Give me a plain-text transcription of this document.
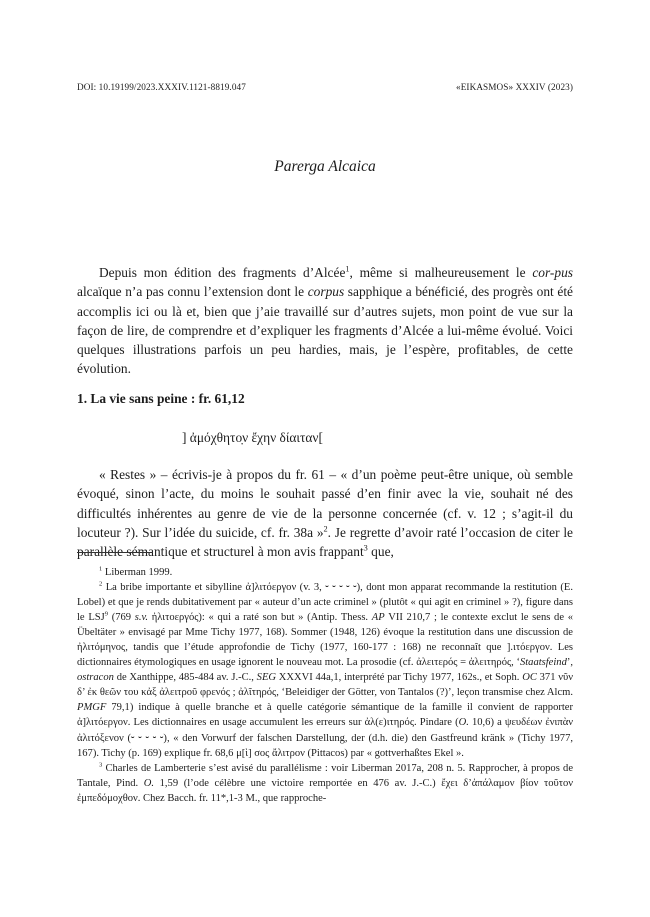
DOI: 10.19199/2023.XXXIV.1121-8819.047	«EIKASMOS» XXXIV (2023)
Parerga Alcaica

Depuis mon édition des fragments d’Alcée$^1$, même si malheureusement le cor-pus alcaïque n’a pas connu l’extension dont le corpus sapphique a bénéficié, des progrès ont été accomplis ici ou là et, bien que j’aie travaillé sur d’autres sujets, mon point de vue sur la façon de lire, de comprendre et d’expliquer les fragments d’Alcée a lui-même évolué. Voici quelques illustrations parfois un peu hardies, mais, je l’espère, profitables, de cette évolution.

1. La vie sans peine : fr. 61,12
] ἀμόχθητο̣ν ἔχην δίαιταν[

« Restes » – écrivis-je à propos du fr. 61 – « d’un poème peut-être unique, où semble évoqué, sinon l’acte, du moins le souhait passé d’en finir avec la vie, souhait né des difficultés inhérentes au genre de vie de la personne concernée (cf. v. 12 ; s’agit-il du locuteur ?). Sur l’idée du suicide, cf. fr. 38a »$^2$. Je regrette d’avoir raté l’occasion de citer le parallèle sémantique et structurel à mon avis frappant$^3$ que,

$^1$ Liberman 1999.

$^2$ La bribe importante et sibylline ἀ]λιτόεργον (v. 3, ⏑ ⏑ ⏑ ⏑ ⏑), dont mon apparat recommande la restitution (E. Lobel) et que je rends dubitativement par « auteur d’un acte criminel » (plutôt « qui agit en criminel » ?), figure dans le LSJ$^9$ (769 s.v. ἠλιτοεργός): « qui a raté son but » (Antip. Thess. AP VII 210,7 ; le contexte exclut le sens de « Übeltäter » envisagé par Mme Tichy 1977, 168). Sommer (1948, 126) évoque la restitution dans une discussion de ἠλιτόμηνος, tandis que l’étude approfondie de Tichy (1977, 160-177 : 168) ne reconnaît que ].ιτόεργον. Les dictionnaires étymologiques en usage ignorent le nouveau mot. La prosodie (cf. ἀλειτερός = ἀλειτηρός, ‘Staatsfeind’, ostracon de Xanthippe, 485-484 av. J.-C., SEG XXXVI 44a,1, interprété par Tichy 1977, 162s., et Soph. OC 371 νῦν δ’ ἐκ θεῶν του κἀξ ἀλειτροῦ φρενός ; ἀλῖτηρός, ‘Beleidiger der Götter, von Tantalos (?)’, leçon transmise chez Alcm. PMGF 79,1) indique à quelle branche et à quelle catégorie sémantique de la famille il convient de rapporter ἀ]λιτόεργον. Les dictionnaires en usage accumulent les erreurs sur ἀλ(ε)ιτηρός. Pindare (O. 10,6) a ψευδέων ἐνιπὰν ἀλιτόξενον (⏑ ⏑ ⏑ ⏑ ⏑), « den Vorwurf der falschen Darstellung, der (d.h. die) den Gastfreund kränk » (Tichy 1977, 167). Tichy (p. 169) explique fr. 68,6 μ[ὶ] σος ἄλιτρον (Pittacos) par « gottverhaßtes Ekel ».

$^3$ Charles de Lamberterie s’est avisé du parallélisme : voir Liberman 2017a, 208 n. 5. Rapprocher, à propos de Tantale, Pind. O. 1,59 (l’ode célèbre une victoire remportée en 476 av. J.-C.) ἔχει δ’ἀπάλαμον βίον τοῦτον ἐμπεδόμοχθον. Chez Bacch. fr. 11*,1-3 M., que rapproche-
